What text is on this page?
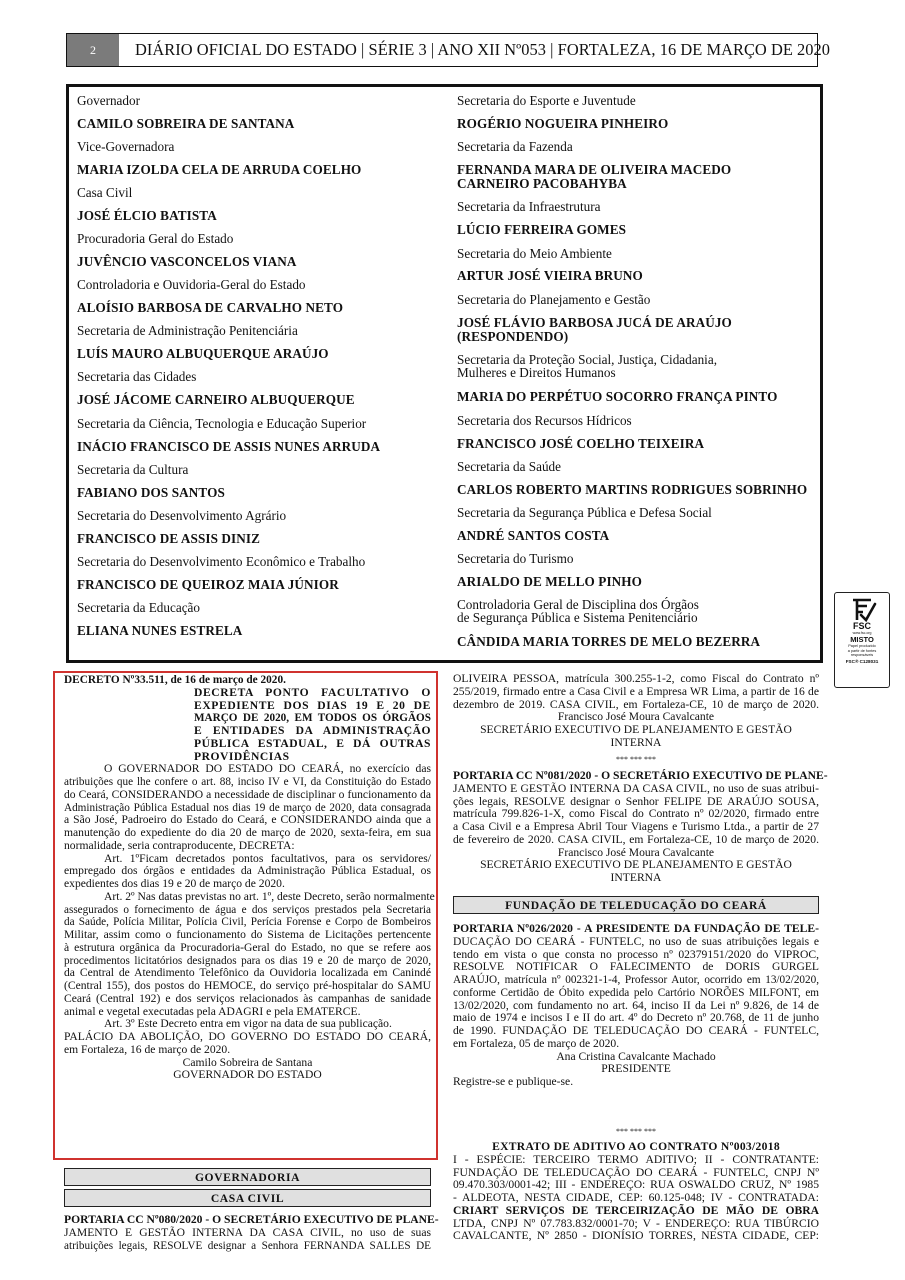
2	DIÁRIO OFICIAL DO ESTADO | SÉRIE 3 | ANO XII Nº053 | FORTALEZA, 16 DE MARÇO DE 2020
Governador
CAMILO SOBREIRA DE SANTANA
Vice-Governadora
MARIA IZOLDA CELA DE ARRUDA COELHO
Casa Civil
JOSÉ ÉLCIO BATISTA
Procuradoria Geral do Estado
JUVÊNCIO VASCONCELOS VIANA
Controladoria e Ouvidoria-Geral do Estado
ALOÍSIO BARBOSA DE CARVALHO NETO
Secretaria de Administração Penitenciária
LUÍS MAURO ALBUQUERQUE ARAÚJO
Secretaria das Cidades
JOSÉ JÁCOME CARNEIRO ALBUQUERQUE
Secretaria da Ciência, Tecnologia e Educação Superior
INÁCIO FRANCISCO DE ASSIS NUNES ARRUDA
Secretaria da Cultura
FABIANO DOS SANTOS
Secretaria do Desenvolvimento Agrário
FRANCISCO DE ASSIS DINIZ
Secretaria do Desenvolvimento Econômico e Trabalho
FRANCISCO DE QUEIROZ MAIA JÚNIOR
Secretaria da Educação
ELIANA NUNES ESTRELA
Secretaria do Esporte e Juventude
ROGÉRIO NOGUEIRA PINHEIRO
Secretaria da Fazenda
FERNANDA MARA DE OLIVEIRA MACEDO
CARNEIRO PACOBAHYBA
Secretaria da Infraestrutura
LÚCIO FERREIRA GOMES
Secretaria do Meio Ambiente
ARTUR JOSÉ VIEIRA BRUNO
Secretaria do Planejamento e Gestão
JOSÉ FLÁVIO BARBOSA JUCÁ DE ARAÚJO
(RESPONDENDO)
Secretaria da Proteção Social, Justiça, Cidadania,
Mulheres e Direitos Humanos
MARIA DO PERPÉTUO SOCORRO FRANÇA PINTO
Secretaria dos Recursos Hídricos
FRANCISCO JOSÉ COELHO TEIXEIRA
Secretaria da Saúde
CARLOS ROBERTO MARTINS RODRIGUES SOBRINHO
Secretaria da Segurança Pública e Defesa Social
ANDRÉ SANTOS COSTA
Secretaria do Turismo
ARIALDO DE MELLO PINHO
Controladoria Geral de Disciplina dos Órgãos
de Segurança Pública e Sistema Penitenciário
CÂNDIDA MARIA TORRES DE MELO BEZERRA
FSC
www.fsc.org
MISTO
Papel produzido
a partir de fontes
responsáveis
FSC® C128031
DECRETO Nº33.511, de 16 de março de 2020.
DECRETA PONTO FACULTATIVO O
EXPEDIENTE DOS DIAS 19 E 20 DE
MARÇO DE 2020, EM TODOS OS ÓRGÃOS
E ENTIDADES DA ADMINISTRAÇÃO
PÚBLICA ESTADUAL, E DÁ OUTRAS
PROVIDÊNCIAS
O GOVERNADOR DO ESTADO DO CEARÁ, no exercício das
atribuições que lhe confere o art. 88, inciso IV e VI, da Constituição do Estado
do Ceará, CONSIDERANDO a necessidade de disciplinar o funcionamento da
Administração Pública Estadual nos dias 19 de março de 2020, data consagrada
a São José, Padroeiro do Estado do Ceará, e CONSIDERANDO ainda que a
manutenção do expediente do dia 20 de março de 2020, sexta-feira, em sua
normalidade, seria contraproducente, DECRETA:
Art. 1ºFicam decretados pontos facultativos, para os servidores/
empregado dos órgãos e entidades da Administração Pública Estadual, os
expedientes dos dias 19 e 20 de março de 2020.
Art. 2º Nas datas previstas no art. 1º, deste Decreto, serão normalmente
assegurados o fornecimento de água e dos serviços prestados pela Secretaria
da Saúde, Polícia Militar, Polícia Civil, Perícia Forense e Corpo de Bombeiros
Militar, assim como o funcionamento do Sistema de Licitações pertencente
à estrutura orgânica da Procuradoria-Geral do Estado, no que se refere aos
procedimentos licitatórios designados para os dias 19 e 20 de março de 2020,
da Central de Atendimento Telefônico da Ouvidoria localizada em Canindé
(Central 155), dos postos do HEMOCE, do serviço pré-hospitalar do SAMU
Ceará (Central 192) e dos serviços relacionados às campanhas de sanidade
animal e vegetal executadas pela ADAGRI e pela EMATERCE.
Art. 3º Este Decreto entra em vigor na data de sua publicação.
PALÁCIO DA ABOLIÇÃO, DO GOVERNO DO ESTADO DO CEARÁ,
em Fortaleza, 16 de março de 2020.
Camilo Sobreira de Santana
GOVERNADOR DO ESTADO
GOVERNADORIA
CASA CIVIL
PORTARIA CC Nº080/2020 - O SECRETÁRIO EXECUTIVO DE PLANE-
JAMENTO E GESTÃO INTERNA DA CASA CIVIL, no uso de suas
atribuições legais, RESOLVE designar a Senhora FERNANDA SALLES DE
OLIVEIRA PESSOA, matrícula 300.255-1-2, como Fiscal do Contrato nº
255/2019, firmado entre a Casa Civil e a Empresa WR Lima, a partir de 16 de
dezembro de 2019. CASA CIVIL, em Fortaleza-CE, 10 de março de 2020.
Francisco José Moura Cavalcante
SECRETÁRIO EXECUTIVO DE PLANEJAMENTO E GESTÃO
INTERNA
*** *** ***
PORTARIA CC Nº081/2020 - O SECRETÁRIO EXECUTIVO DE PLANE-
JAMENTO E GESTÃO INTERNA DA CASA CIVIL, no uso de suas atribui-
ções legais, RESOLVE designar o Senhor FELIPE DE ARAÚJO SOUSA,
matrícula 799.826-1-X, como Fiscal do Contrato nº 02/2020, firmado entre
a Casa Civil e a Empresa Abril Tour Viagens e Turismo Ltda., a partir de 27
de fevereiro de 2020. CASA CIVIL, em Fortaleza-CE, 10 de março de 2020.
Francisco José Moura Cavalcante
SECRETÁRIO EXECUTIVO DE PLANEJAMENTO E GESTÃO
INTERNA
FUNDAÇÃO DE TELEDUCAÇÃO DO CEARÁ
PORTARIA Nº026/2020 - A PRESIDENTE DA FUNDAÇÃO DE TELE-
DUCAÇÃO DO CEARÁ - FUNTELC, no uso de suas atribuições legais e
tendo em vista o que consta no processo nº 02379151/2020 do VIPROC,
RESOLVE NOTIFICAR O FALECIMENTO de DORIS GURGEL
ARAÚJO, matrícula nº 002321-1-4, Professor Autor, ocorrido em 13/02/2020,
conforme Certidão de Óbito expedida pelo Cartório NORÕES MILFONT, em
13/02/2020, com fundamento no art. 64, inciso II da Lei nº 9.826, de 14 de
maio de 1974 e incisos I e II do art. 4º do Decreto nº 20.768, de 11 de junho
de 1990. FUNDAÇÃO DE TELEDUCAÇÃO DO CEARÁ - FUNTELC,
em Fortaleza, 05 de março de 2020.
Ana Cristina Cavalcante Machado
PRESIDENTE
Registre-se e publique-se.
*** *** ***
EXTRATO DE ADITIVO AO CONTRATO Nº003/2018
I - ESPÉCIE: TERCEIRO TERMO ADITIVO; II - CONTRATANTE:
FUNDAÇÃO DE TELEDUCAÇÃO DO CEARÁ - FUNTELC, CNPJ Nº
09.470.303/0001-42; III - ENDEREÇO: RUA OSWALDO CRUZ, Nº 1985
- ALDEOTA, NESTA CIDADE, CEP: 60.125-048; IV - CONTRATADA:
CRIART SERVIÇOS DE TERCEIRIZAÇÃO DE MÃO DE OBRA
LTDA, CNPJ Nº 07.783.832/0001-70; V - ENDEREÇO: RUA TIBÚRCIO
CAVALCANTE, Nº 2850 - DIONÍSIO TORRES, NESTA CIDADE, CEP:
